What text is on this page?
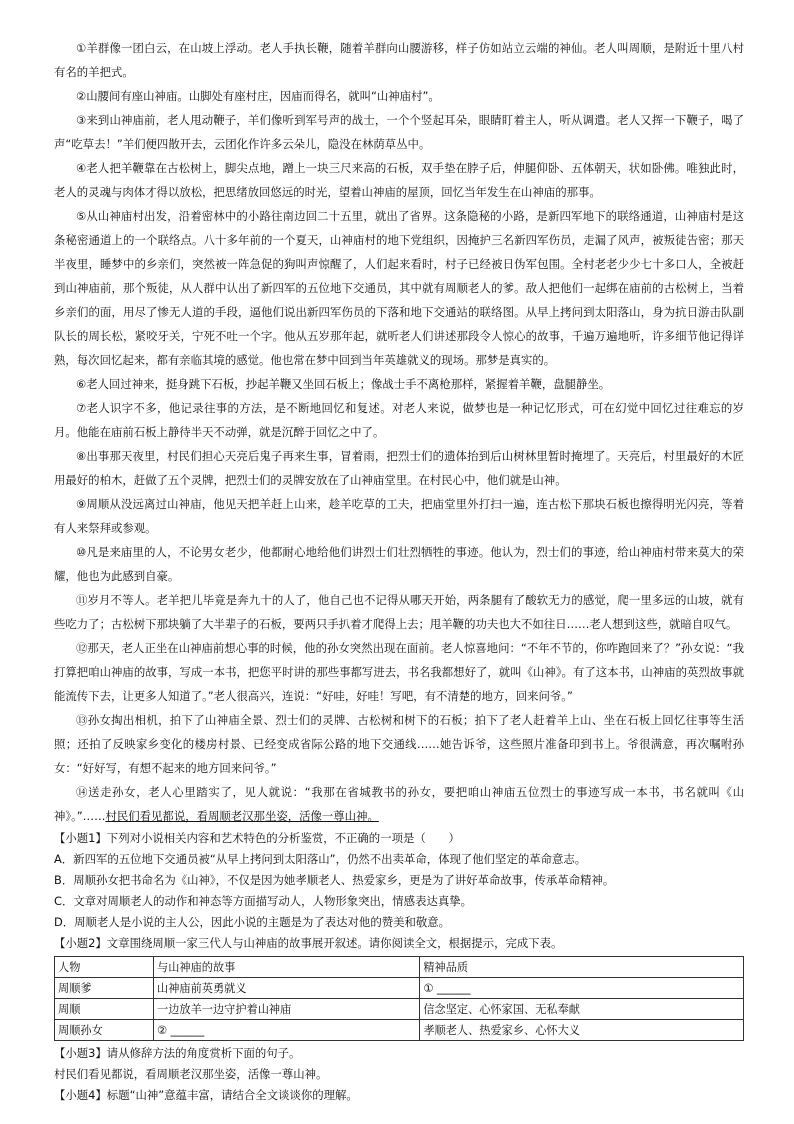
①羊群像一团白云，在山坡上浮动。老人手执长鞭，随着羊群向山腰游移，样子仿如站立云端的神仙。老人叫周顺，是附近十里八村有名的羊把式。

②山腰间有座山神庙。山脚处有座村庄，因庙而得名，就叫“山神庙村”。

③来到山神庙前，老人甩动鞭子，羊们像听到军号声的战士，一个个竖起耳朵，眼睛盯着主人，听从调遣。老人又挥一下鞭子，喝了声“吃草去！”羊们便四散开去，云团化作许多云朵儿，隐没在林荫草丛中。

④老人把羊鞭靠在古松树上，脚尖点地，蹭上一块三尺来高的石板，双手垫在脖子后，伸腿仰卧、五体朝天，状如卧佛。唯独此时，老人的灵魂与肉体才得以放松，把思绪放回悠远的时光，望着山神庙的屋顶，回忆当年发生在山神庙的那事。

⑤从山神庙村出发，沿着密林中的小路往南边回二十五里，就出了省界。这条隐秘的小路，是新四军地下的联络通道，山神庙村是这条秘密通道上的一个联络点。八十多年前的一个夏天，山神庙村的地下党组织，因掩护三名新四军伤员，走漏了风声，被叛徒告密；那天半夜里，睡梦中的乡亲们，突然被一阵急促的狗叫声惊醒了，人们起来看时，村子已经被日伪军包围。全村老老少少七十多口人，全被赶到山神庙前，那个叛徒，从人群中认出了新四军的五位地下交通员，其中就有周顺老人的爹。敌人把他们一起绑在庙前的古松树上，当着乡亲们的面，用尽了惨无人道的手段，逼他们说出新四军伤员的下落和地下交通站的联络图。从早上拷问到太阳落山，身为抗日游击队副队长的周长松，紧咬牙关，宁死不吐一个字。他从五岁那年起，就听老人们讲述那段令人惊心的故事，千遍万遍地听，许多细节他记得详熟，每次回忆起来，都有亲临其境的感觉。他也常在梦中回到当年英雄就义的现场。那梦是真实的。

⑥老人回过神来，挺身跳下石板，抄起羊鞭又坐回石板上；像战士手不离枪那样，紧握着羊鞭，盘腿静坐。

⑦老人识字不多，他记录往事的方法，是不断地回忆和复述。对老人来说，做梦也是一种记忆形式，可在幻觉中回忆过往难忘的岁月。他能在庙前石板上静待半天不动弹，就是沉醉于回忆之中了。

⑧出事那天夜里，村民们担心天亮后鬼子再来生事，冒着雨，把烈士们的遗体抬到后山树林里暂时掩埋了。天亮后，村里最好的木匠用最好的柏木，赶做了五个灵牌，把烈士们的灵牌安放在了山神庙堂里。在村民心中，他们就是山神。

⑨周顺从没远离过山神庙，他见天把羊赶上山来，趁羊吃草的工夫，把庙堂里外打扫一遍，连古松下那块石板也擦得明光闪亮，等着有人来祭拜或参观。

⑩凡是来庙里的人，不论男女老少，他都耐心地给他们讲烈士们壮烈牺牲的事迹。他认为，烈士们的事迹，给山神庙村带来莫大的荣耀，他也为此感到自豪。

⑪岁月不等人。老羊把儿毕竟是奔九十的人了，他自己也不记得从哪天开始，两条腿有了酸软无力的感觉，爬一里多远的山坡，就有些吃力了；古松树下那块躺了大半辈子的石板，要两只手扒着才爬得上去；甩羊鞭的功夫也大不如往日……老人想到这些，就暗自叹气。

⑫那天，老人正坐在山神庙前想心事的时候，他的孙女突然出现在面前。老人惊喜地问：“不年不节的，你咋跑回来了？”孙女说：“我打算把咱山神庙的故事，写成一本书，把您平时讲的那些事都写进去，书名我都想好了，就叫《山神》。有了这本书，山神庙的英烈故事就能流传下去，让更多人知道了。”老人很高兴，连说：“好哇，好哇！写吧，有不清楚的地方，回来问爷。”

⑬孙女掏出相机，拍下了山神庙全景、烈士们的灵牌、古松树和树下的石板；拍下了老人赶着羊上山、坐在石板上回忆往事等生活照；还拍了反映家乡变化的楼房村景、已经变成省际公路的地下交通线……她告诉爷，这些照片准备印到书上。爷很满意，再次嘱咐孙女：“好好写，有想不起来的地方回来问爷。”

⑭送走孙女，老人心里踏实了，见人就说：“我那在省城教书的孙女，要把咱山神庙五位烈士的事迹写成一本书，书名就叫《山神》。”……村民们看见都说，看周顺老汉那坐姿，活像一尊山神。

【小题1】下列对小说相关内容和艺术特色的分析鉴赏，不正确的一项是（　　）

A．新四军的五位地下交通员被“从早上拷问到太阳落山”，仍然不出卖革命，体现了他们坚定的革命意志。

B．周顺孙女把书命名为《山神》，不仅是因为她孝顺老人、热爱家乡，更是为了讲好革命故事，传承革命精神。

C．文章对周顺老人的动作和神态等方面描写动人，人物形象突出，情感表达真挚。

D．周顺老人是小说的主人公，因此小说的主题是为了表达对他的赞美和敬意。

【小题2】文章围绕周顺一家三代人与山神庙的故事展开叙述。请你阅读全文，根据提示，完成下表。

人物	与山神庙的故事	精神品质
周顺爹	山神庙前英勇就义	① ______
周顺	一边放羊一边守护着山神庙	信念坚定、心怀家国、无私奉献
周顺孙女	② ______	孝顺老人、热爱家乡、心怀大义

【小题3】请从修辞方法的角度赏析下面的句子。

村民们看见都说，看周顺老汉那坐姿，活像一尊山神。

【小题4】标题“山神”意蕴丰富，请结合全文谈谈你的理解。
